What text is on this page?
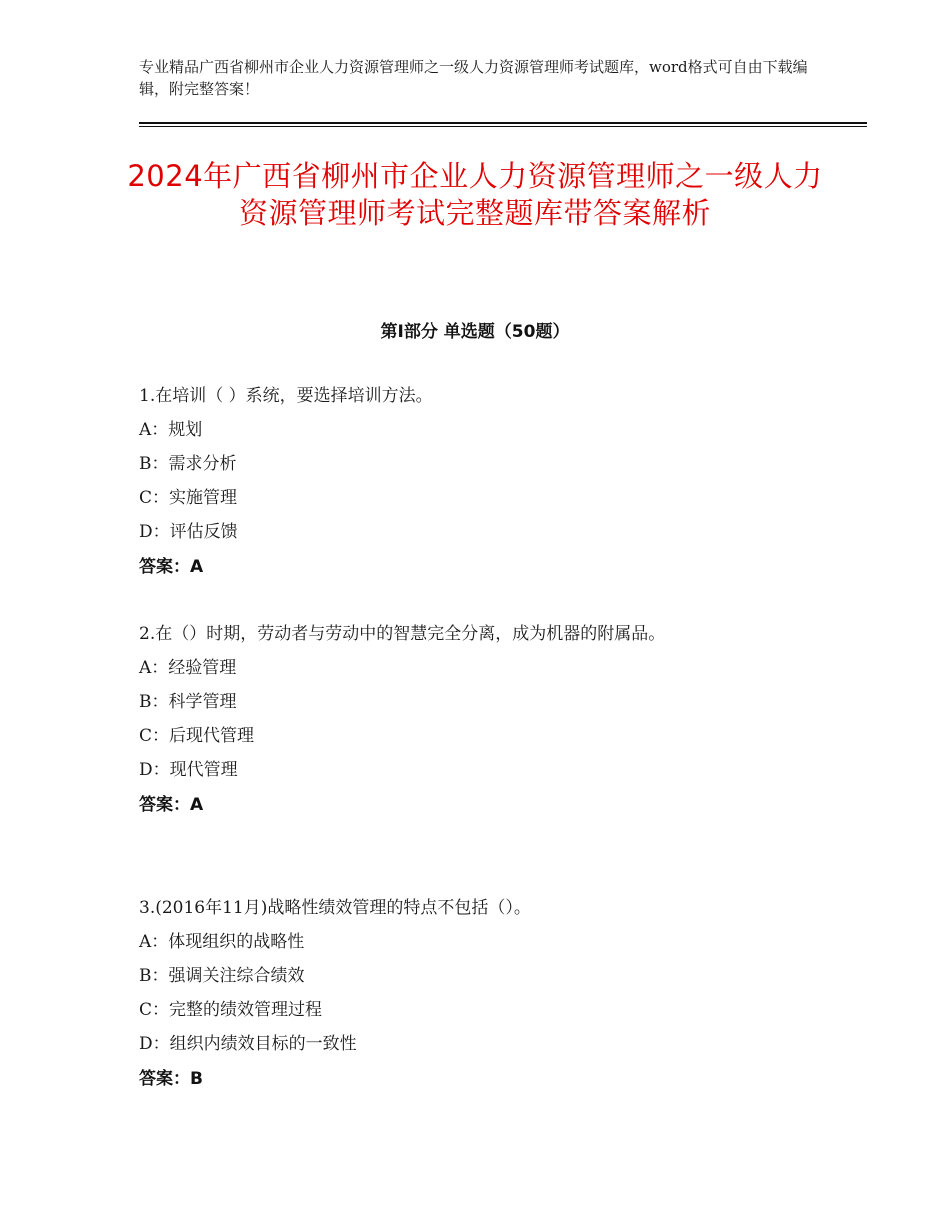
专业精品广西省柳州市企业人力资源管理师之一级人力资源管理师考试题库，word格式可自由下载编辑，附完整答案！
2024年广西省柳州市企业人力资源管理师之一级人力资源管理师考试完整题库带答案解析
第Ⅰ部分 单选题（50题）
1.在培训（ ）系统，要选择培训方法。
A：规划
B：需求分析
C：实施管理
D：评估反馈
答案：A
2.在（）时期，劳动者与劳动中的智慧完全分离，成为机器的附属品。
A：经验管理
B：科学管理
C：后现代管理
D：现代管理
答案：A
3.(2016年11月)战略性绩效管理的特点不包括（）。
A：体现组织的战略性
B：强调关注综合绩效
C：完整的绩效管理过程
D：组织内绩效目标的一致性
答案：B
